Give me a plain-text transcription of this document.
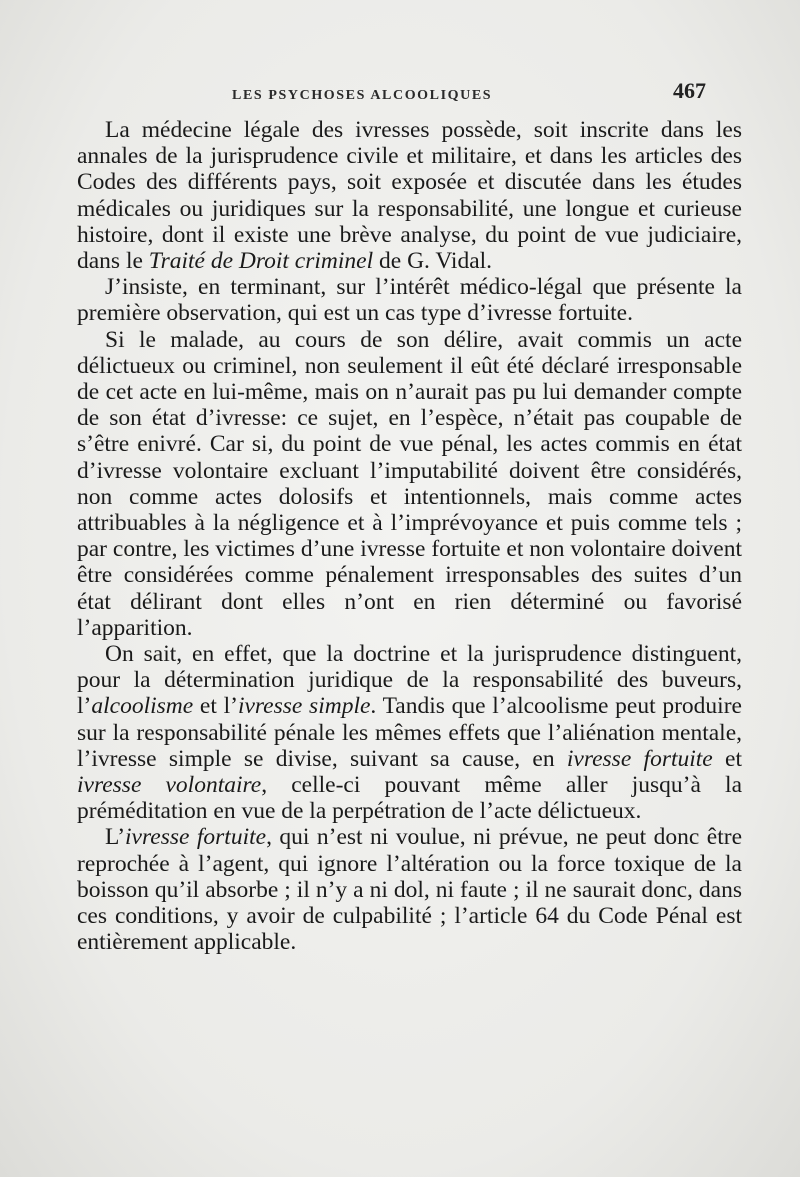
LES PSYCHOSES ALCOOLIQUES	467

La médecine légale des ivresses possède, soit inscrite dans les annales de la jurisprudence civile et militaire, et dans les articles des Codes des différents pays, soit exposée et discutée dans les études médicales ou juridiques sur la responsabilité, une longue et curieuse histoire, dont il existe une brève analyse, du point de vue judiciaire, dans le Traité de Droit criminel de G. Vidal.

J’insiste, en terminant, sur l’intérêt médico-légal que présente la première observation, qui est un cas type d’ivresse fortuite.

Si le malade, au cours de son délire, avait commis un acte délictueux ou criminel, non seulement il eût été déclaré irresponsable de cet acte en lui-même, mais on n’aurait pas pu lui demander compte de son état d’ivresse: ce sujet, en l’espèce, n’était pas coupable de s’être enivré. Car si, du point de vue pénal, les actes commis en état d’ivresse volontaire excluant l’imputabilité doivent être considérés, non comme actes dolosifs et intentionnels, mais comme actes attribuables à la négligence et à l’imprévoyance et puis comme tels ; par contre, les victimes d’une ivresse fortuite et non volontaire doivent être considérées comme pénalement irresponsables des suites d’un état délirant dont elles n’ont en rien déterminé ou favorisé l’apparition.

On sait, en effet, que la doctrine et la jurisprudence distinguent, pour la détermination juridique de la responsabilité des buveurs, l’alcoolisme et l’ivresse simple. Tandis que l’alcoolisme peut produire sur la responsabilité pénale les mêmes effets que l’aliénation mentale, l’ivresse simple se divise, suivant sa cause, en ivresse fortuite et ivresse volontaire, celle-ci pouvant même aller jusqu’à la préméditation en vue de la perpétration de l’acte délictueux.

L’ivresse fortuite, qui n’est ni voulue, ni prévue, ne peut donc être reprochée à l’agent, qui ignore l’altération ou la force toxique de la boisson qu’il absorbe ; il n’y a ni dol, ni faute ; il ne saurait donc, dans ces conditions, y avoir de culpabilité ; l’article 64 du Code Pénal est entièrement applicable.
